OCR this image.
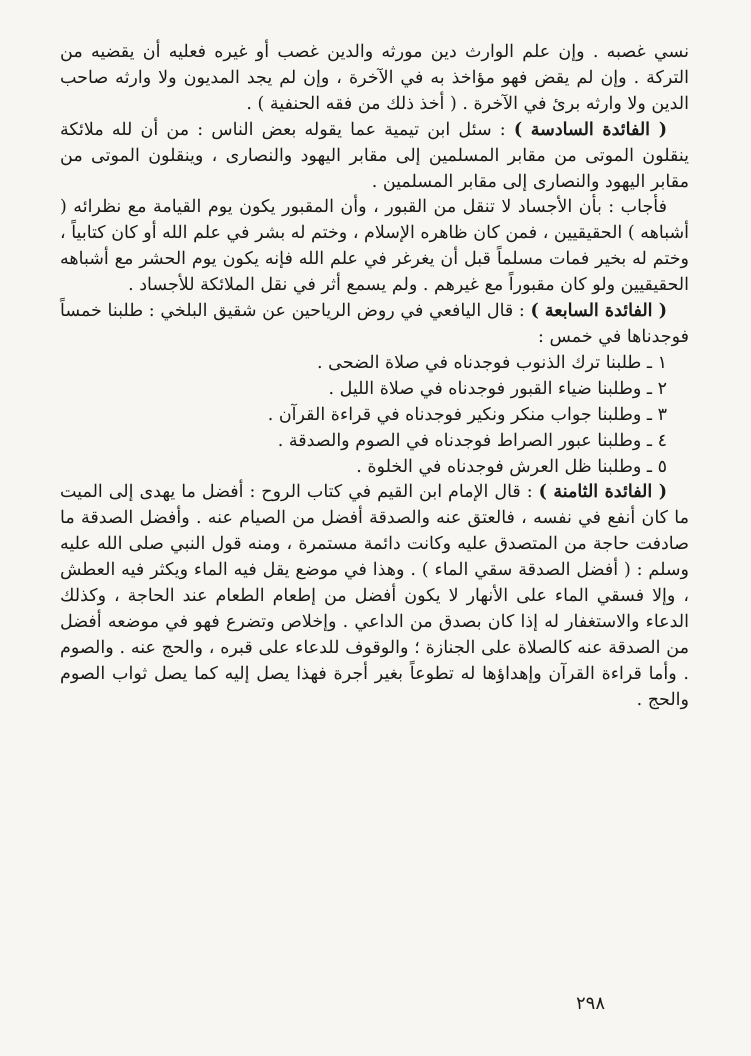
نسي غصبه . وإن علم الوارث دين مورثه والدين غصب أو غيره فعليه أن يقضيه من التركة . وإن لم يقض فهو مؤاخذ به في الآخرة ، وإن لم يجد المديون ولا وارثه صاحب الدين ولا وارثه برئ في الآخرة . ( أخذ ذلك من فقه الحنفية ) .

( الفائدة السادسة ) : سئل ابن تيمية عما يقوله بعض الناس : من أن لله ملائكة ينقلون الموتى من مقابر المسلمين إلى مقابر اليهود والنصارى ، وينقلون الموتى من مقابر اليهود والنصارى إلى مقابر المسلمين .

فأجاب : بأن الأجساد لا تنقل من القبور ، وأن المقبور يكون يوم القيامة مع نظرائه ( أشباهه ) الحقيقيين ، فمن كان ظاهره الإسلام ، وختم له بشر في علم الله أو كان كتابياً ، وختم له بخير فمات مسلماً قبل أن يغرغر في علم الله فإنه يكون يوم الحشر مع أشباهه الحقيقيين ولو كان مقبوراً مع غيرهم . ولم يسمع أثر في نقل الملائكة للأجساد .

( الفائدة السابعة ) : قال اليافعي في روض الرياحين عن شقيق البلخي : طلبنا خمساً فوجدناها في خمس :

١ ـ طلبنا ترك الذنوب فوجدناه في صلاة الضحى .
٢ ـ وطلبنا ضياء القبور فوجدناه في صلاة الليل .
٣ ـ وطلبنا جواب منكر ونكير فوجدناه في قراءة القرآن .
٤ ـ وطلبنا عبور الصراط فوجدناه في الصوم والصدقة .
٥ ـ وطلبنا ظل العرش فوجدناه في الخلوة .

( الفائدة الثامنة ) : قال الإمام ابن القيم في كتاب الروح : أفضل ما يهدى إلى الميت ما كان أنفع في نفسه ، فالعتق عنه والصدقة أفضل من الصيام عنه . وأفضل الصدقة ما صادفت حاجة من المتصدق عليه وكانت دائمة مستمرة ، ومنه قول النبي صلى الله عليه وسلم : ( أفضل الصدقة سقي الماء ) . وهذا في موضع يقل فيه الماء ويكثر فيه العطش ، وإلا فسقي الماء على الأنهار لا يكون أفضل من إطعام الطعام عند الحاجة ، وكذلك الدعاء والاستغفار له إذا كان بصدق من الداعي . وإخلاص وتضرع فهو في موضعه أفضل من الصدقة عنه كالصلاة على الجنازة ؛ والوقوف للدعاء على قبره ، والحج عنه . والصوم . وأما قراءة القرآن وإهداؤها له تطوعاً بغير أجرة فهذا يصل إليه كما يصل ثواب الصوم والحج .

٢٩٨
